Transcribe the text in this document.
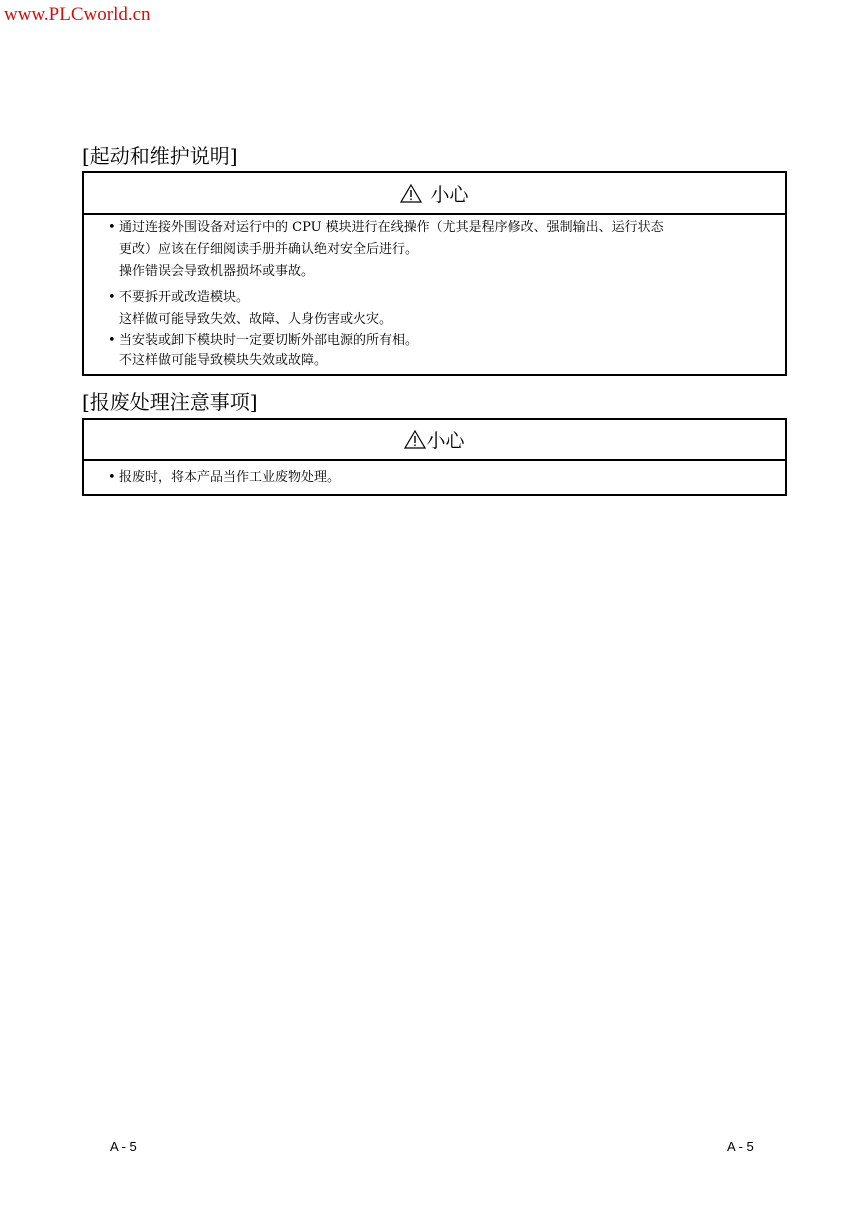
www.PLCworld.cn
[起动和维护说明]
小心
• 通过连接外围设备对运行中的 CPU 模块进行在线操作（尤其是程序修改、强制输出、运行状态
更改）应该在仔细阅读手册并确认绝对安全后进行。
操作错误会导致机器损坏或事故。
• 不要拆开或改造模块。
这样做可能导致失效、故障、人身伤害或火灾。
• 当安装或卸下模块时一定要切断外部电源的所有相。
不这样做可能导致模块失效或故障。
[报废处理注意事项]
小心
• 报废时，将本产品当作工业废物处理。
A - 5	A - 5
